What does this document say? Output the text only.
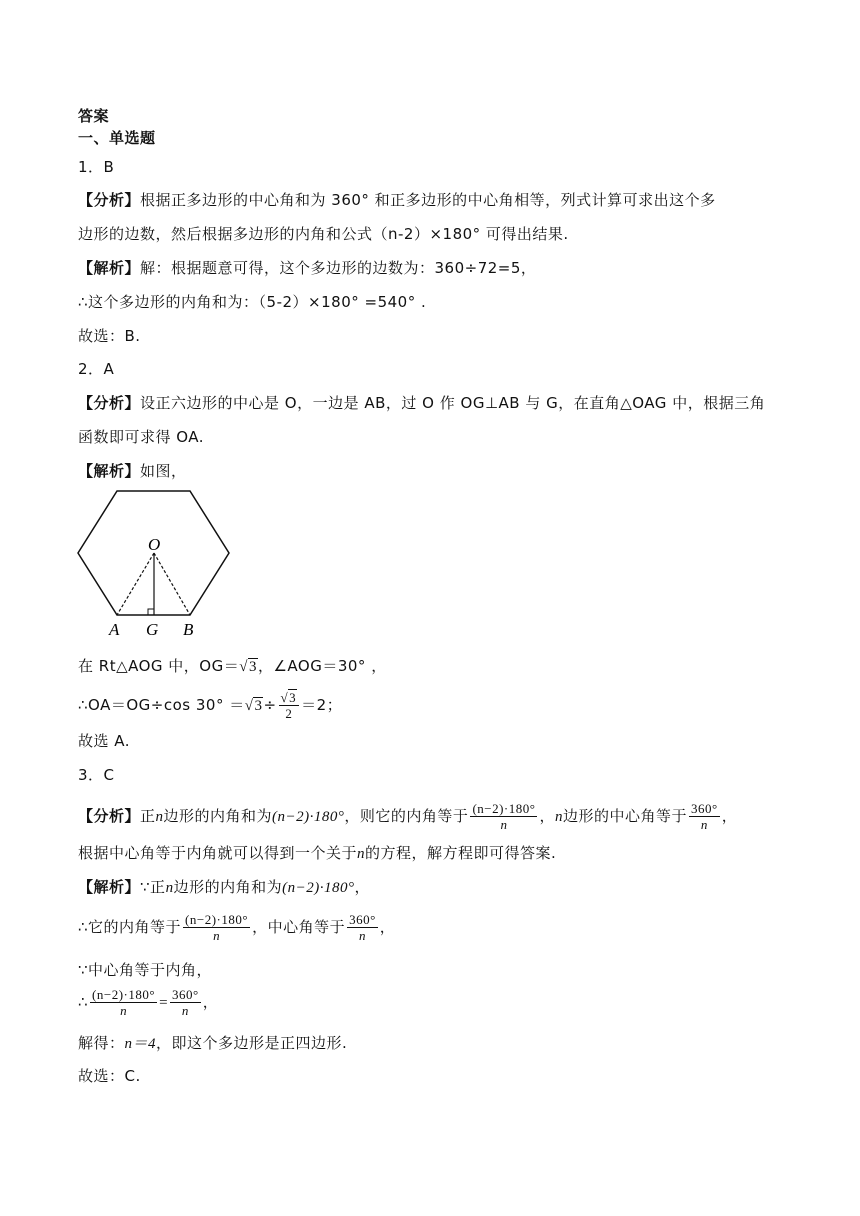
答案
一、单选题
1．B
【分析】根据正多边形的中心角和为 360° 和正多边形的中心角相等，列式计算可求出这个多
边形的边数，然后根据多边形的内角和公式（n-2）×180° 可得出结果.
【解析】解：根据题意可得，这个多边形的边数为：360÷72=5，
∴这个多边形的内角和为：（5-2）×180° =540° .
故选：B.
2．A
【分析】设正六边形的中心是 O，一边是 AB，过 O 作 OG⊥AB 与 G，在直角△OAG 中，根据三角
函数即可求得 OA.
【解析】如图，
O
A G B
在 Rt△AOG 中，OG＝√3，∠AOG＝30° ，
∴OA＝OG÷cos $30^\circ =√3\div \frac{√3}{2} =2$；
故选 A.
3．C
【分析】正n边形的内角和为(n−2)·180°，则它的内角等于 $\frac{(n-2)\cdot 180^\circ}{n}$ ，n边形的中心角等于 $\frac{360^\circ}{n}$ ，
根据中心角等于内角就可以得到一个关于n的方程，解方程即可得答案.
【解析】∵正n边形的内角和为(n−2)·180°，
∴它的内角等于 $\frac{(n-2)\cdot 180^\circ}{n}$ ，中心角等于 $\frac{360^\circ}{n}$ ，
∵中心角等于内角，
∴ $\frac{(n-2)\cdot 180^\circ}{n} = \frac{360^\circ}{n}$ ，
解得：n＝4，即这个多边形是正四边形.
故选：C.
